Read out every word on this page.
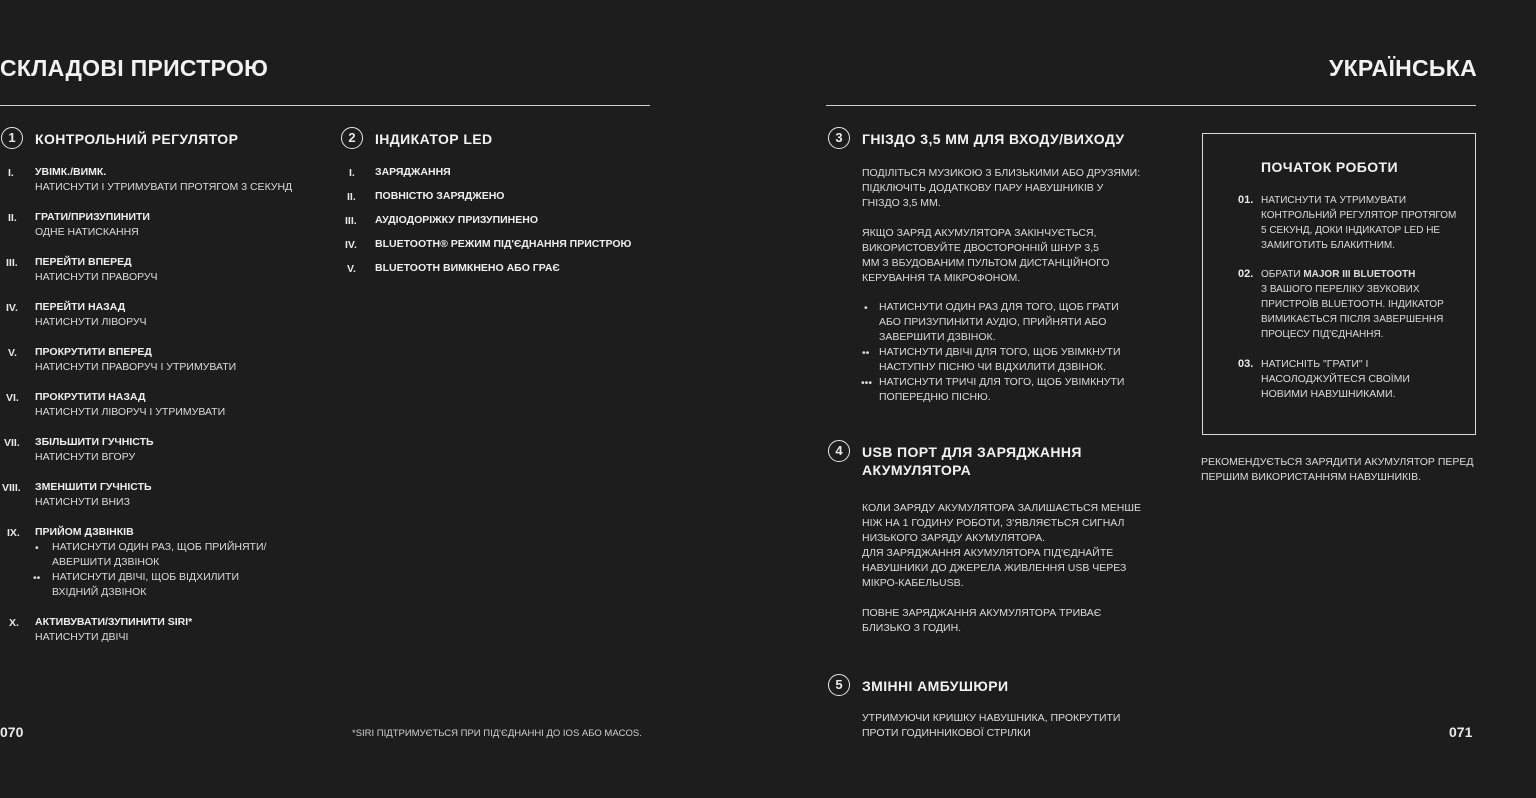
СКЛАДОВІ ПРИСТРОЮ	УКРАЇНСЬКА
1	КОНТРОЛЬНИЙ РЕГУЛЯТОР
I. УВІМК./ВИМК.
НАТИСНУТИ І УТРИМУВАТИ ПРОТЯГОМ 3 СЕКУНД
II. ГРАТИ/ПРИЗУПИНИТИ
ОДНЕ НАТИСКАННЯ
III. ПЕРЕЙТИ ВПЕРЕД
НАТИСНУТИ ПРАВОРУЧ
IV. ПЕРЕЙТИ НАЗАД
НАТИСНУТИ ЛІВОРУЧ
V. ПРОКРУТИТИ ВПЕРЕД
НАТИСНУТИ ПРАВОРУЧ І УТРИМУВАТИ
VI. ПРОКРУТИТИ НАЗАД
НАТИСНУТИ ЛІВОРУЧ І УТРИМУВАТИ
VII. ЗБІЛЬШИТИ ГУЧНІСТЬ
НАТИСНУТИ ВГОРУ
VIII. ЗМЕНШИТИ ГУЧНІСТЬ
НАТИСНУТИ ВНИЗ
IX. ПРИЙОМ ДЗВІНКІВ
• НАТИСНУТИ ОДИН РАЗ, ЩОБ ПРИЙНЯТИ/
АВЕРШИТИ ДЗВІНОК
•• НАТИСНУТИ ДВІЧІ, ЩОБ ВІДХИЛИТИ
ВХІДНИЙ ДЗВІНОК
X. АКТИВУВАТИ/ЗУПИНИТИ SIRI*
НАТИСНУТИ ДВІЧІ
2	ІНДИКАТОР LED
I. ЗАРЯДЖАННЯ
II. ПОВНІСТЮ ЗАРЯДЖЕНО
III. АУДІОДОРІЖКУ ПРИЗУПИНЕНО
IV. BLUETOOTH® РЕЖИМ ПІД'ЄДНАННЯ ПРИСТРОЮ
V. BLUETOOTH ВИМКНЕНО АБО ГРАЄ
3	ГНІЗДО 3,5 ММ ДЛЯ ВХОДУ/ВИХОДУ
ПОДІЛІТЬСЯ МУЗИКОЮ З БЛИЗЬКИМИ АБО ДРУЗЯМИ:
ПІДКЛЮЧІТЬ ДОДАТКОВУ ПАРУ НАВУШНИКІВ У
ГНІЗДО 3,5 ММ.
ЯКЩО ЗАРЯД АКУМУЛЯТОРА ЗАКІНЧУЄТЬСЯ,
ВИКОРИСТОВУЙТЕ ДВОСТОРОННІЙ ШНУР 3,5
ММ З ВБУДОВАНИМ ПУЛЬТОМ ДИСТАНЦІЙНОГО
КЕРУВАННЯ ТА МІКРОФОНОМ.
• НАТИСНУТИ ОДИН РАЗ ДЛЯ ТОГО, ЩОБ ГРАТИ
АБО ПРИЗУПИНИТИ АУДІО, ПРИЙНЯТИ АБО
ЗАВЕРШИТИ ДЗВІНОК.
•• НАТИСНУТИ ДВІЧІ ДЛЯ ТОГО, ЩОБ УВІМКНУТИ
НАСТУПНУ ПІСНЮ ЧИ ВІДХИЛИТИ ДЗВІНОК.
••• НАТИСНУТИ ТРИЧІ ДЛЯ ТОГО, ЩОБ УВІМКНУТИ
ПОПЕРЕДНЮ ПІСНЮ.
4	USB ПОРТ ДЛЯ ЗАРЯДЖАННЯ
АКУМУЛЯТОРА
КОЛИ ЗАРЯДУ АКУМУЛЯТОРА ЗАЛИШАЄТЬСЯ МЕНШЕ
НІЖ НА 1 ГОДИНУ РОБОТИ, З'ЯВЛЯЄТЬСЯ СИГНАЛ
НИЗЬКОГО ЗАРЯДУ АКУМУЛЯТОРА.
ДЛЯ ЗАРЯДЖАННЯ АКУМУЛЯТОРА ПІД'ЄДНАЙТЕ
НАВУШНИКИ ДО ДЖЕРЕЛА ЖИВЛЕННЯ USB ЧЕРЕЗ
МІКРО-КАБЕЛЬUSB.
ПОВНЕ ЗАРЯДЖАННЯ АКУМУЛЯТОРА ТРИВАЄ
БЛИЗЬКО З ГОДИН.
5	ЗМІННІ АМБУШЮРИ
УТРИМУЮЧИ КРИШКУ НАВУШНИКА, ПРОКРУТИТИ
ПРОТИ ГОДИННИКОВОЇ СТРІЛКИ
ПОЧАТОК РОБОТИ
01. НАТИСНУТИ ТА УТРИМУВАТИ
КОНТРОЛЬНИЙ РЕГУЛЯТОР ПРОТЯГОМ
5 СЕКУНД, ДОКИ ІНДИКАТОР LED НЕ
ЗАМИГОТИТЬ БЛАКИТНИМ.
02. ОБРАТИ MAJOR III BLUETOOTH
З ВАШОГО ПЕРЕЛІКУ ЗВУКОВИХ
ПРИСТРОЇВ BLUETOOTH. ІНДИКАТОР
ВИМИКАЄТЬСЯ ПІСЛЯ ЗАВЕРШЕННЯ
ПРОЦЕСУ ПІД'ЄДНАННЯ.
03. НАТИСНІТЬ "ГРАТИ" І
НАСОЛОДЖУЙТЕСЯ СВОЇМИ
НОВИМИ НАВУШНИКАМИ.
РЕКОМЕНДУЄТЬСЯ ЗАРЯДИТИ АКУМУЛЯТОР ПЕРЕД
ПЕРШИМ ВИКОРИСТАННЯМ НАВУШНИКІВ.
070	*SIRI ПІДТРИМУЄТЬСЯ ПРИ ПІД'ЄДНАННІ ДО IOS АБО MACOS.	071
